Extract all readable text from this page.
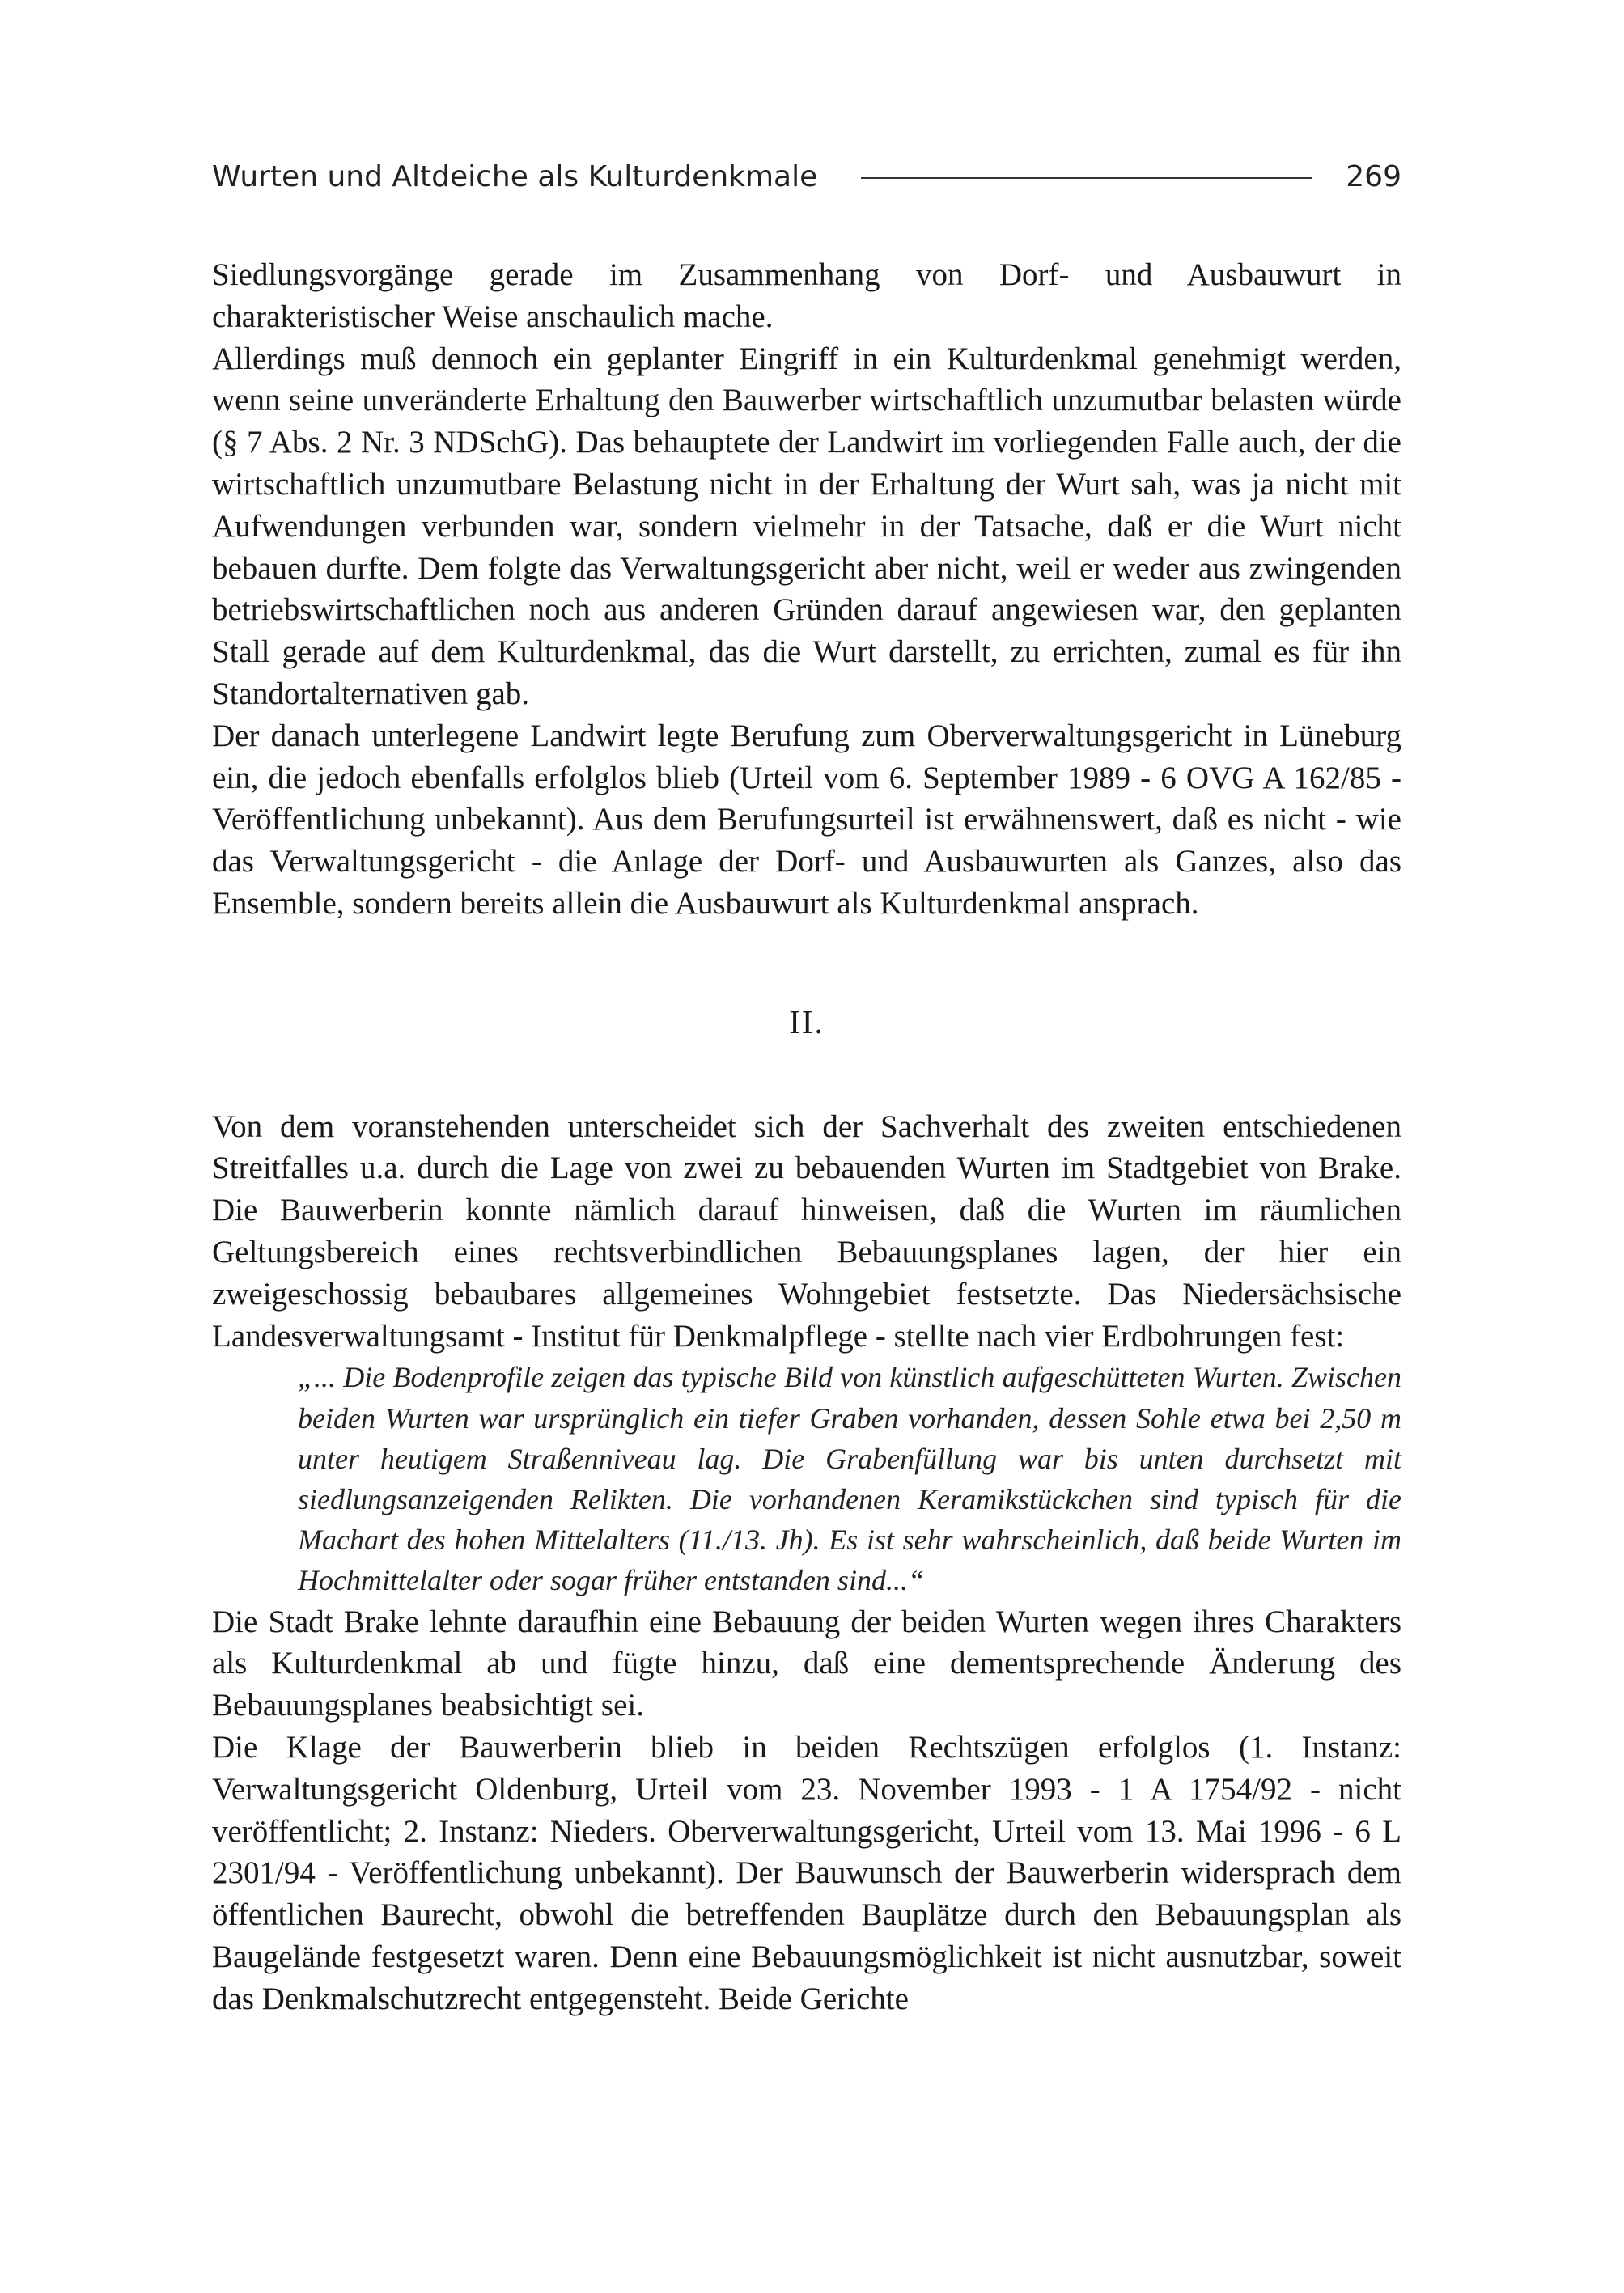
Wurten und Altdeiche als Kulturdenkmale	269

Siedlungsvorgänge gerade im Zusammenhang von Dorf- und Ausbauwurt in charakteristischer Weise anschaulich mache.

Allerdings muß dennoch ein geplanter Eingriff in ein Kulturdenkmal genehmigt werden, wenn seine unveränderte Erhaltung den Bauwerber wirtschaftlich unzumutbar belasten würde (§ 7 Abs. 2 Nr. 3 NDSchG). Das behauptete der Landwirt im vorliegenden Falle auch, der die wirtschaftlich unzumutbare Belastung nicht in der Erhaltung der Wurt sah, was ja nicht mit Aufwendungen verbunden war, sondern vielmehr in der Tatsache, daß er die Wurt nicht bebauen durfte. Dem folgte das Verwaltungsgericht aber nicht, weil er weder aus zwingenden betriebswirtschaftlichen noch aus anderen Gründen darauf angewiesen war, den geplanten Stall gerade auf dem Kulturdenkmal, das die Wurt darstellt, zu errichten, zumal es für ihn Standortalternativen gab.

Der danach unterlegene Landwirt legte Berufung zum Oberverwaltungsgericht in Lüneburg ein, die jedoch ebenfalls erfolglos blieb (Urteil vom 6. September 1989 - 6 OVG A 162/85 - Veröffentlichung unbekannt). Aus dem Berufungsurteil ist erwähnenswert, daß es nicht - wie das Verwaltungsgericht - die Anlage der Dorf- und Ausbauwurten als Ganzes, also das Ensemble, sondern bereits allein die Ausbauwurt als Kulturdenkmal ansprach.

II.

Von dem voranstehenden unterscheidet sich der Sachverhalt des zweiten entschiedenen Streitfalles u.a. durch die Lage von zwei zu bebauenden Wurten im Stadtgebiet von Brake. Die Bauwerberin konnte nämlich darauf hinweisen, daß die Wurten im räumlichen Geltungsbereich eines rechtsverbindlichen Bebauungsplanes lagen, der hier ein zweigeschossig bebaubares allgemeines Wohngebiet festsetzte. Das Niedersächsische Landesverwaltungsamt - Institut für Denkmalpflege - stellte nach vier Erdbohrungen fest:

„... Die Bodenprofile zeigen das typische Bild von künstlich aufgeschütteten Wurten. Zwischen beiden Wurten war ursprünglich ein tiefer Graben vorhanden, dessen Sohle etwa bei 2,50 m unter heutigem Straßenniveau lag. Die Grabenfüllung war bis unten durchsetzt mit siedlungsanzeigenden Relikten. Die vorhandenen Keramikstückchen sind typisch für die Machart des hohen Mittelalters (11./13. Jh). Es ist sehr wahrscheinlich, daß beide Wurten im Hochmittelalter oder sogar früher entstanden sind...“

Die Stadt Brake lehnte daraufhin eine Bebauung der beiden Wurten wegen ihres Charakters als Kulturdenkmal ab und fügte hinzu, daß eine dementsprechende Änderung des Bebauungsplanes beabsichtigt sei.

Die Klage der Bauwerberin blieb in beiden Rechtszügen erfolglos (1. Instanz: Verwaltungsgericht Oldenburg, Urteil vom 23. November 1993 - 1 A 1754/92 - nicht veröffentlicht; 2. Instanz: Nieders. Oberverwaltungsgericht, Urteil vom 13. Mai 1996 - 6 L 2301/94 - Veröffentlichung unbekannt). Der Bauwunsch der Bauwerberin widersprach dem öffentlichen Baurecht, obwohl die betreffenden Bauplätze durch den Bebauungsplan als Baugelände festgesetzt waren. Denn eine Bebauungsmöglichkeit ist nicht ausnutzbar, soweit das Denkmalschutzrecht entgegensteht. Beide Gerichte
